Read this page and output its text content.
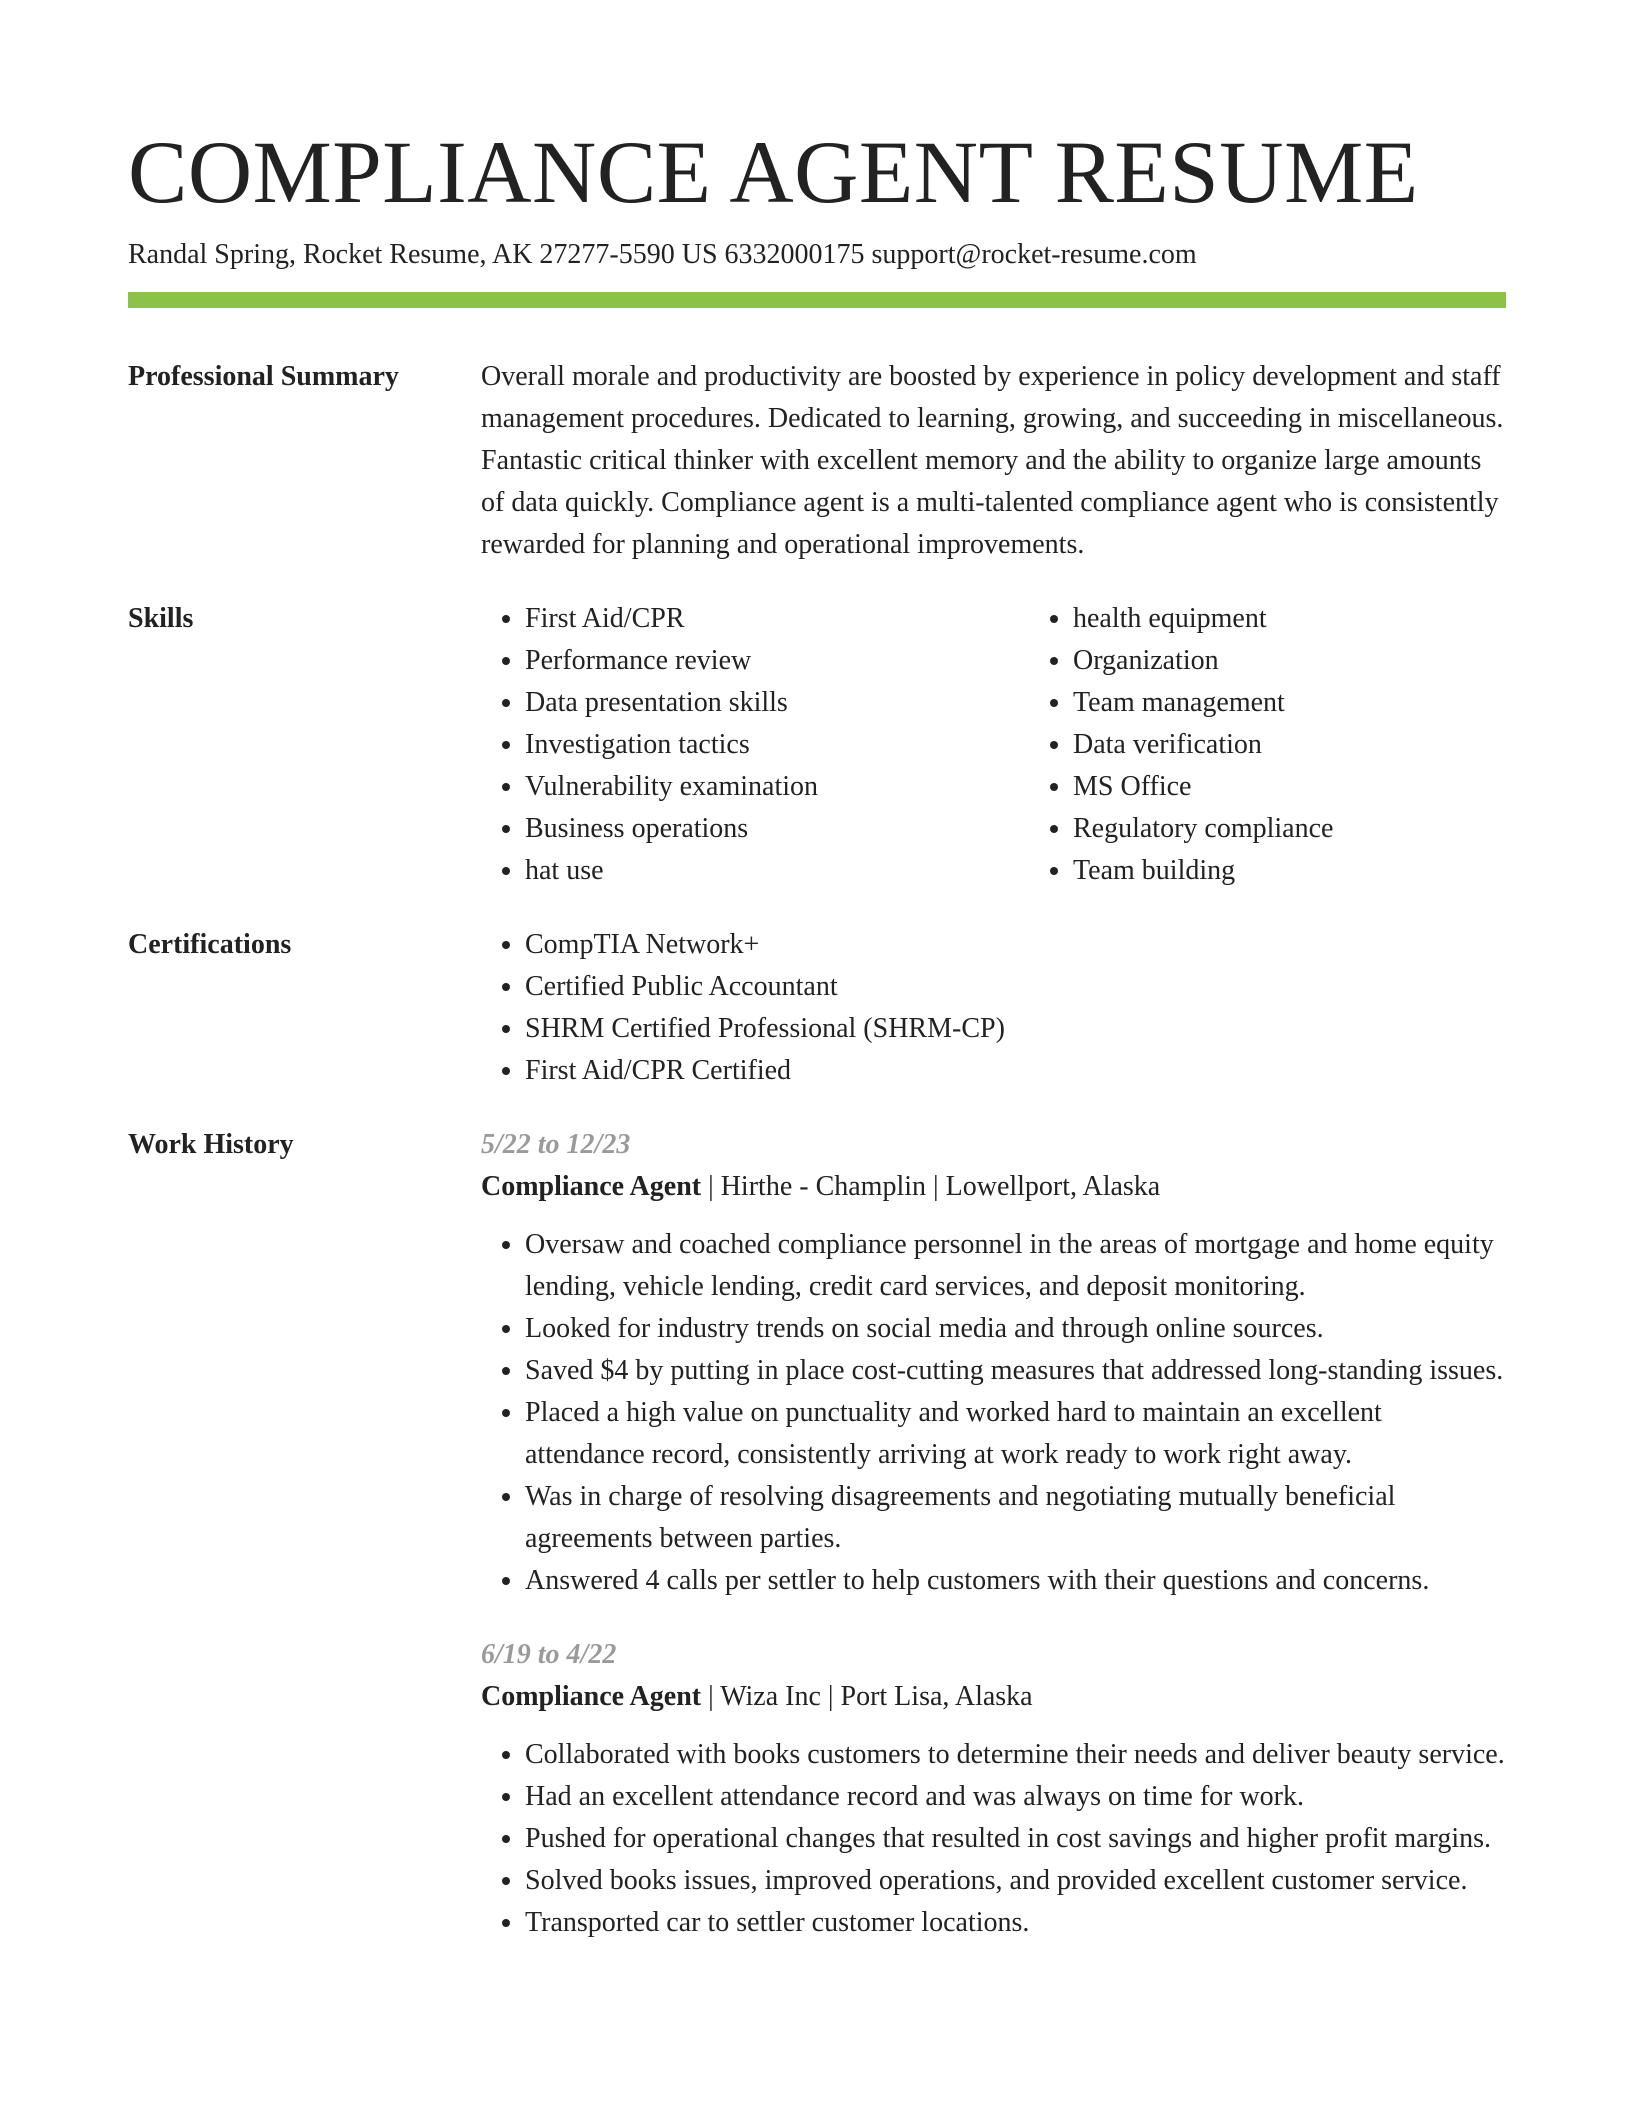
COMPLIANCE AGENT RESUME
Randal Spring, Rocket Resume, AK 27277-5590 US 6332000175 support@rocket-resume.com
Professional Summary	Overall morale and productivity are boosted by experience in policy development and staff management procedures. Dedicated to learning, growing, and succeeding in miscellaneous. Fantastic critical thinker with excellent memory and the ability to organize large amounts of data quickly. Compliance agent is a multi-talented compliance agent who is consistently rewarded for planning and operational improvements.
Skills	• First Aid/CPR
• Performance review
• Data presentation skills
• Investigation tactics
• Vulnerability examination
• Business operations
• hat use
• health equipment
• Organization
• Team management
• Data verification
• MS Office
• Regulatory compliance
• Team building
Certifications	• CompTIA Network+
• Certified Public Accountant
• SHRM Certified Professional (SHRM-CP)
• First Aid/CPR Certified
Work History	5/22 to 12/23
Compliance Agent | Hirthe - Champlin | Lowellport, Alaska
• Oversaw and coached compliance personnel in the areas of mortgage and home equity lending, vehicle lending, credit card services, and deposit monitoring.
• Looked for industry trends on social media and through online sources.
• Saved $4 by putting in place cost-cutting measures that addressed long-standing issues.
• Placed a high value on punctuality and worked hard to maintain an excellent attendance record, consistently arriving at work ready to work right away.
• Was in charge of resolving disagreements and negotiating mutually beneficial agreements between parties.
• Answered 4 calls per settler to help customers with their questions and concerns.
6/19 to 4/22
Compliance Agent | Wiza Inc | Port Lisa, Alaska
• Collaborated with books customers to determine their needs and deliver beauty service.
• Had an excellent attendance record and was always on time for work.
• Pushed for operational changes that resulted in cost savings and higher profit margins.
• Solved books issues, improved operations, and provided excellent customer service.
• Transported car to settler customer locations.
